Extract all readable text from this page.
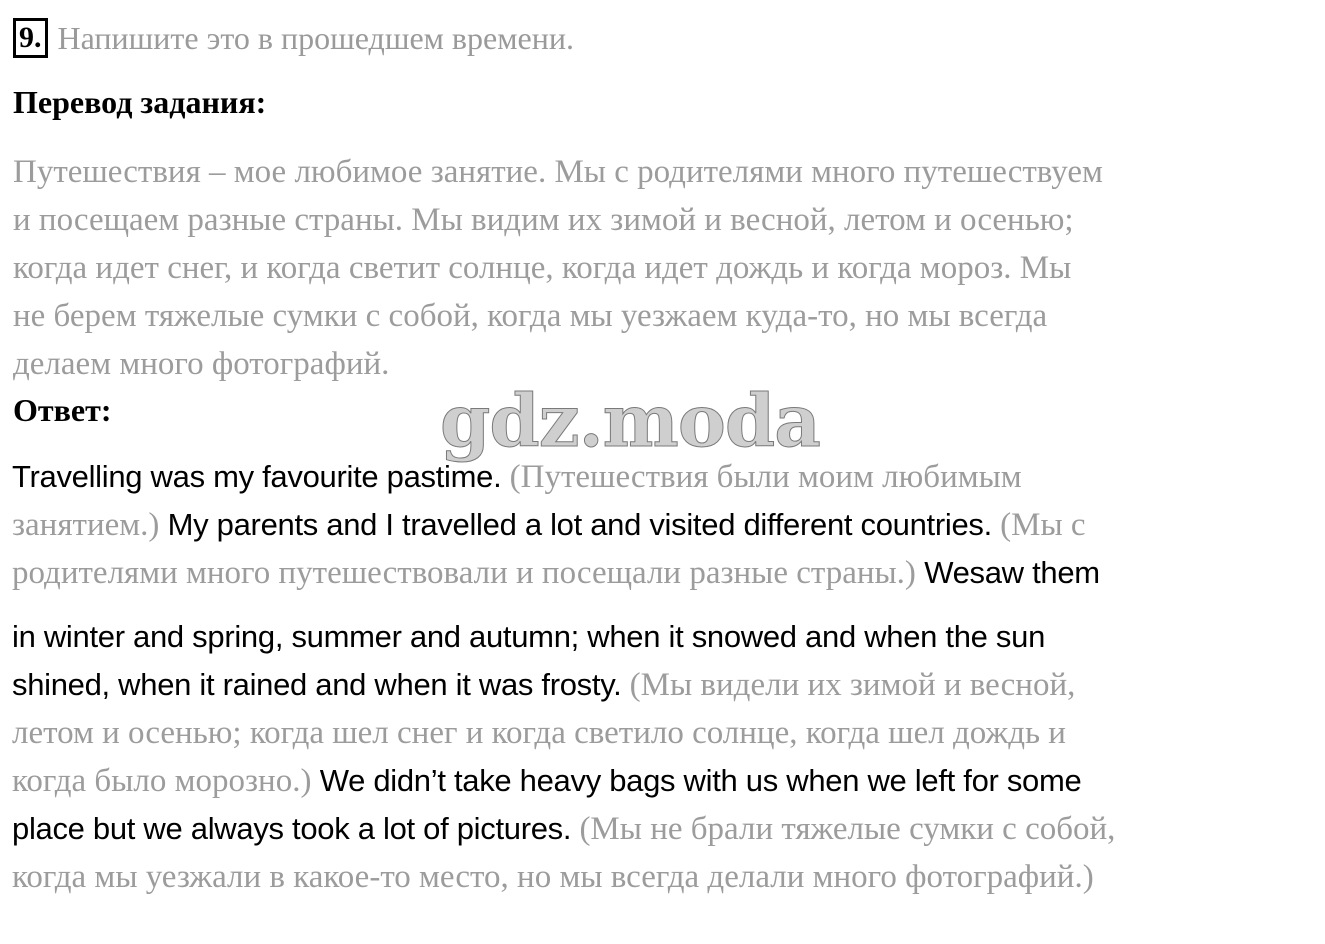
9. Напишите это в прошедшем времени.
Перевод задания:
Путешествия – мое любимое занятие. Мы с родителями много путешествуем
и посещаем разные страны. Мы видим их зимой и весной, летом и осенью;
когда идет снег, и когда светит солнце, когда идет дождь и когда мороз. Мы
не берем тяжелые сумки с собой, когда мы уезжаем куда-то, но мы всегда
делаем много фотографий.
Ответ:	gdz.moda
Travelling was my favourite pastime. (Путешествия были моим любимым
занятием.) My parents and I travelled a lot and visited different countries. (Мы с
родителями много путешествовали и посещали разные страны.) Wesaw them
in winter and spring, summer and autumn; when it snowed and when the sun
shined, when it rained and when it was frosty. (Мы видели их зимой и весной,
летом и осенью; когда шел снег и когда светило солнце, когда шел дождь и
когда было морозно.) We didn’t take heavy bags with us when we left for some
place but we always took a lot of pictures. (Мы не брали тяжелые сумки с собой,
когда мы уезжали в какое-то место, но мы всегда делали много фотографий.)
